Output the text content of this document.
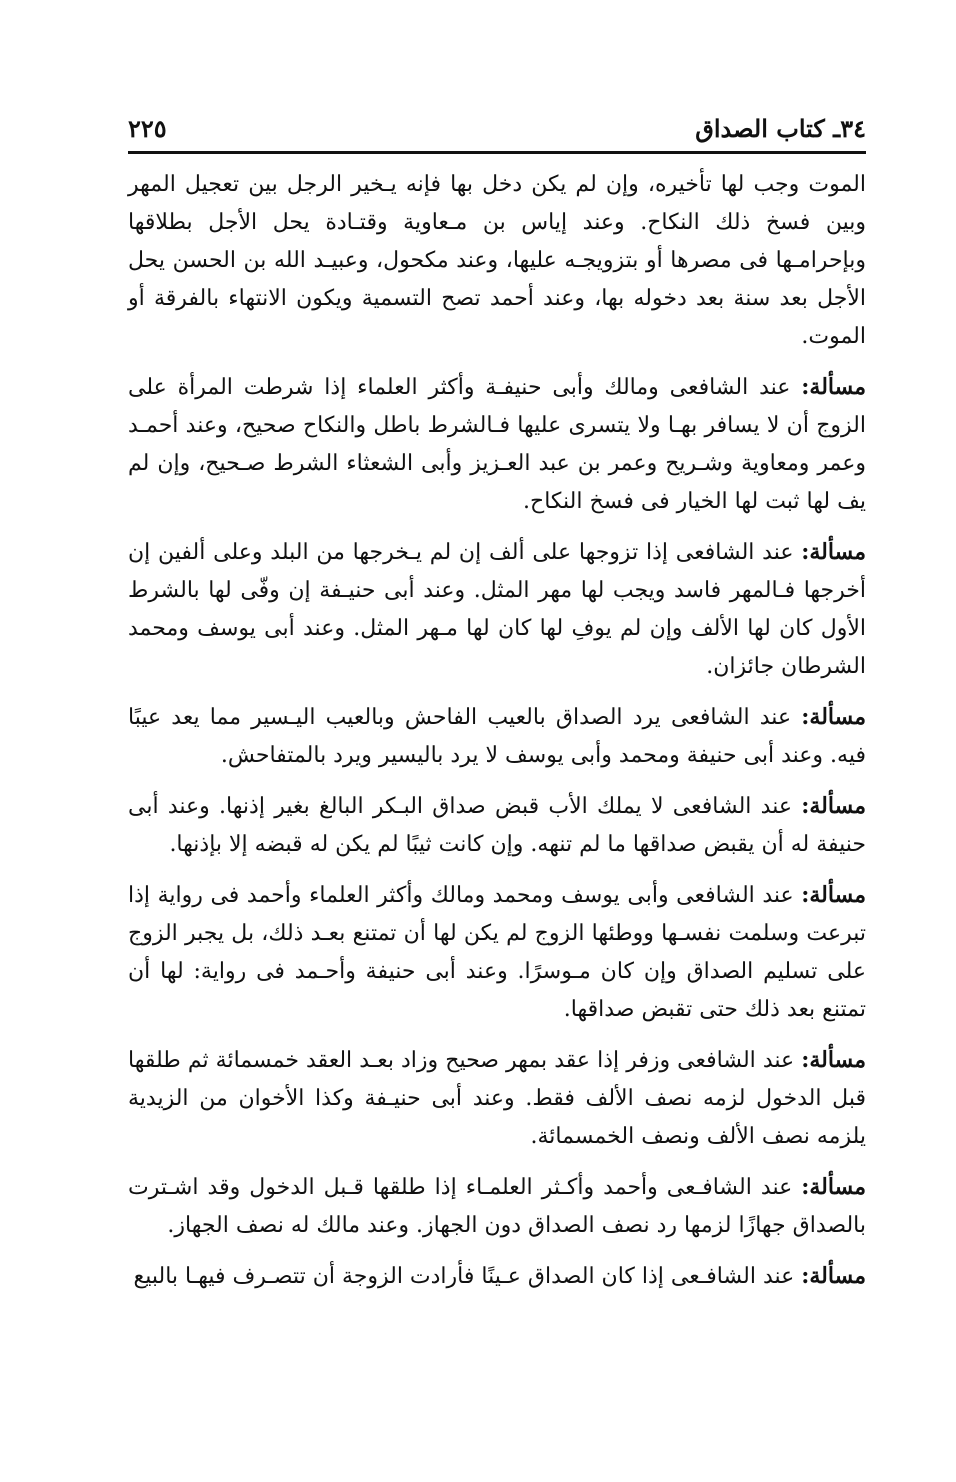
٣٤ـ كتاب الصداق
٢٢٥

الموت وجب لها تأخيره، وإن لم يكن دخل بها فإنه يـخير الرجل بين تعجيل المهر وبين فسخ ذلك النكاح. وعند إياس بن مـعاوية وقتـادة يحل الأجل بطلاقها وبإحرامـها فى مصرها أو بتزويجـه عليها، وعند مكحول، وعبيـد الله بن الحسن يحل الأجل بعد سنة بعد دخوله بها، وعند أحمد تصح التسمية ويكون الانتهاء بالفرقة أو الموت.

مسألة: عند الشافعى ومالك وأبى حنيفـة وأكثر العلماء إذا شرطت المرأة على الزوج أن لا يسافر بهـا ولا يتسرى عليها فـالشرط باطل والنكاح صحيح، وعند أحمـد وعمر ومعاوية وشـريح وعمر بن عبد العـزيز وأبى الشعثاء الشرط صـحيح، وإن لم يف لها ثبت لها الخيار فى فسخ النكاح.

مسألة: عند الشافعى إذا تزوجها على ألف إن لم يـخرجها من البلد وعلى ألفين إن أخرجها فـالمهر فاسد ويجب لها مهر المثل. وعند أبى حنيـفة إن وفّى لها بالشرط الأول كان لها الألف وإن لم يوفِ لها كان لها مـهر المثل. وعند أبى يوسف ومحمد الشرطان جائزان.

مسألة: عند الشافعى يرد الصداق بالعيب الفاحش وبالعيب اليـسير مما يعد عيبًا فيه. وعند أبى حنيفة ومحمد وأبى يوسف لا يرد باليسير ويرد بالمتفاحش.

مسألة: عند الشافعى لا يملك الأب قبض صداق البـكر البالغ بغير إذنها. وعند أبى حنيفة له أن يقبض صداقها ما لم تنهه. وإن كانت ثيبًا لم يكن له قبضه إلا بإذنها.

مسألة: عند الشافعى وأبى يوسف ومحمد ومالك وأكثر العلماء وأحمد فى رواية إذا تبرعت وسلمت نفسـها ووطئها الزوج لم يكن لها أن تمتنع بعـد ذلك، بل يجبر الزوج على تسليم الصداق وإن كان مـوسرًا. وعند أبى حنيفة وأحـمد فى رواية: لها أن تمتنع بعد ذلك حتى تقبض صداقها.

مسألة: عند الشافعى وزفر إذا عقد بمهر صحيح وزاد بعـد العقد خمسمائة ثم طلقها قبل الدخول لزمه نصف الألف فقط. وعند أبى حنيـفة وكذا الأخوان من الزيدية يلزمه نصف الألف ونصف الخمسمائة.

مسألة: عند الشافـعى وأحمد وأكـثر العلمـاء إذا طلقها قـبل الدخول وقد اشـترت بالصداق جهازًا لزمها رد نصف الصداق دون الجهاز. وعند مالك له نصف الجهاز.

مسألة: عند الشافـعى إذا كان الصداق عـينًا فأرادت الزوجة أن تتصـرف فيهـا بالبيع
